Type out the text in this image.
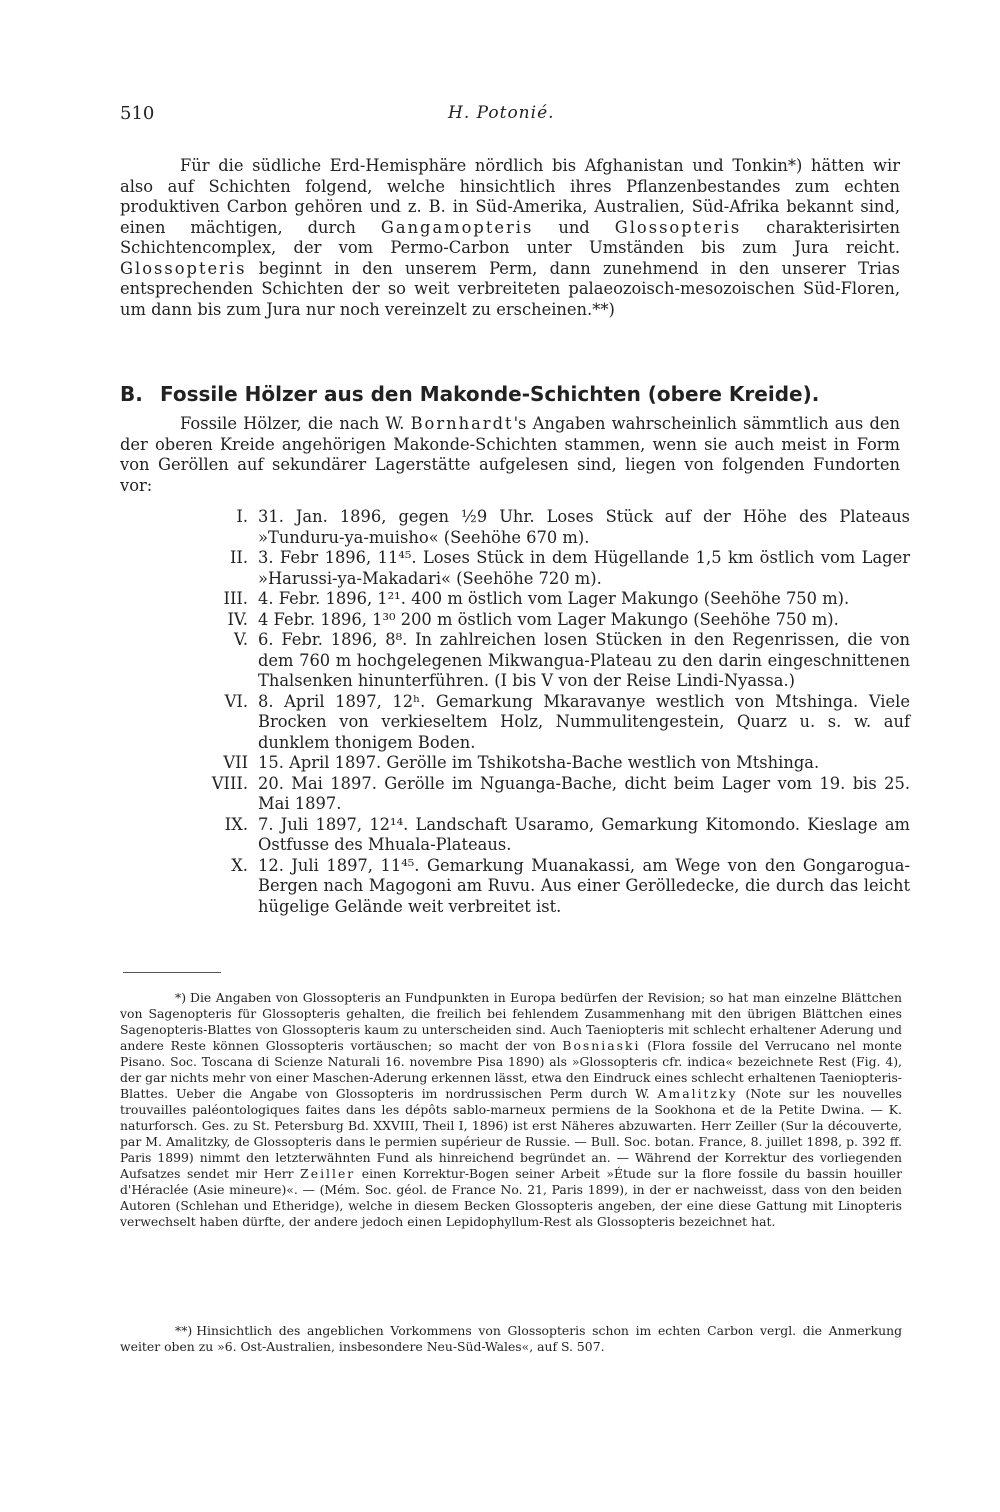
510	H. Potonié.

Für die südliche Erd-Hemisphäre nördlich bis Afghanistan und Tonkin*) hätten wir also auf Schichten folgend, welche hinsichtlich ihres Pflanzenbestandes zum echten produktiven Carbon gehören und z. B. in Süd-Amerika, Australien, Süd-Afrika bekannt sind, einen mächtigen, durch Gangamopteris und Glossopteris charakterisirten Schichtencomplex, der vom Permo-Carbon unter Umständen bis zum Jura reicht. Glossopteris beginnt in den unserem Perm, dann zunehmend in den unserer Trias entsprechenden Schichten der so weit verbreiteten palaeozoisch-mesozoischen Süd-Floren, um dann bis zum Jura nur noch vereinzelt zu erscheinen.**)

B. Fossile Hölzer aus den Makonde-Schichten (obere Kreide).

Fossile Hölzer, die nach W. Bornhardt's Angaben wahrscheinlich sämmtlich aus den der oberen Kreide angehörigen Makonde-Schichten stammen, wenn sie auch meist in Form von Geröllen auf sekundärer Lagerstätte aufgelesen sind, liegen von folgenden Fundorten vor:

I. 31. Jan. 1896, gegen ½9 Uhr. Loses Stück auf der Höhe des Plateaus »Tunduru-ya-muisho« (Seehöhe 670 m).
II. 3. Febr 1896, 11⁴⁵. Loses Stück in dem Hügellande 1,5 km östlich vom Lager »Harussi-ya-Makadari« (Seehöhe 720 m).
III. 4. Febr. 1896, 1²¹. 400 m östlich vom Lager Makungo (Seehöhe 750 m).
IV. 4 Febr. 1896, 1³⁰ 200 m östlich vom Lager Makungo (Seehöhe 750 m).
V. 6. Febr. 1896, 8⁸. In zahlreichen losen Stücken in den Regenrissen, die von dem 760 m hochgelegenen Mikwangua-Plateau zu den darin eingeschnittenen Thalsenken hinunterführen. (I bis V von der Reise Lindi-Nyassa.)
VI. 8. April 1897, 12ʰ. Gemarkung Mkaravanye westlich von Mtshinga. Viele Brocken von verkieseltem Holz, Nummulitengestein, Quarz u. s. w. auf dunklem thonigem Boden.
VII 15. April 1897. Gerölle im Tshikotsha-Bache westlich von Mtshinga.
VIII. 20. Mai 1897. Gerölle im Nguanga-Bache, dicht beim Lager vom 19. bis 25. Mai 1897.
IX. 7. Juli 1897, 12¹⁴. Landschaft Usaramo, Gemarkung Kitomondo. Kieslage am Ostfusse des Mhuala-Plateaus.
X. 12. Juli 1897, 11⁴⁵. Gemarkung Muanakassi, am Wege von den Gongarogua-Bergen nach Magogoni am Ruvu. Aus einer Gerölledecke, die durch das leicht hügelige Gelände weit verbreitet ist.

*) Die Angaben von Glossopteris an Fundpunkten in Europa bedürfen der Revision; so hat man einzelne Blättchen von Sagenopteris für Glossopteris gehalten, die freilich bei fehlendem Zusammenhang mit den übrigen Blättchen eines Sagenopteris-Blattes von Glossopteris kaum zu unterscheiden sind. Auch Taeniopteris mit schlecht erhaltener Aderung und andere Reste können Glossopteris vortäuschen; so macht der von Bosniaski (Flora fossile del Verrucano nel monte Pisano. Soc. Toscana di Scienze Naturali 16. novembre Pisa 1890) als »Glossopteris cfr. indica« bezeichnete Rest (Fig. 4), der gar nichts mehr von einer Maschen-Aderung erkennen lässt, etwa den Eindruck eines schlecht erhaltenen Taeniopteris-Blattes. Ueber die Angabe von Glossopteris im nordrussischen Perm durch W. Amalitzky (Note sur les nouvelles trouvailles paléontologiques faites dans les dépôts sablo-marneux permiens de la Sookhona et de la Petite Dwina. — K. naturforsch. Ges. zu St. Petersburg Bd. XXVIII, Theil I, 1896) ist erst Näheres abzuwarten. Herr Zeiller (Sur la découverte, par M. Amalitzky, de Glossopteris dans le permien supérieur de Russie. — Bull. Soc. botan. France, 8. juillet 1898, p. 392 ff. Paris 1899) nimmt den letzterwähnten Fund als hinreichend begründet an. — Während der Korrektur des vorliegenden Aufsatzes sendet mir Herr Zeiller einen Korrektur-Bogen seiner Arbeit »Étude sur la flore fossile du bassin houiller d'Héraclée (Asie mineure)«. — (Mém. Soc. géol. de France No. 21, Paris 1899), in der er nachweisst, dass von den beiden Autoren (Schlehan und Etheridge), welche in diesem Becken Glossopteris angeben, der eine diese Gattung mit Linopteris verwechselt haben dürfte, der andere jedoch einen Lepidophyllum-Rest als Glossopteris bezeichnet hat.

**) Hinsichtlich des angeblichen Vorkommens von Glossopteris schon im echten Carbon vergl. die Anmerkung weiter oben zu »6. Ost-Australien, insbesondere Neu-Süd-Wales«, auf S. 507.
